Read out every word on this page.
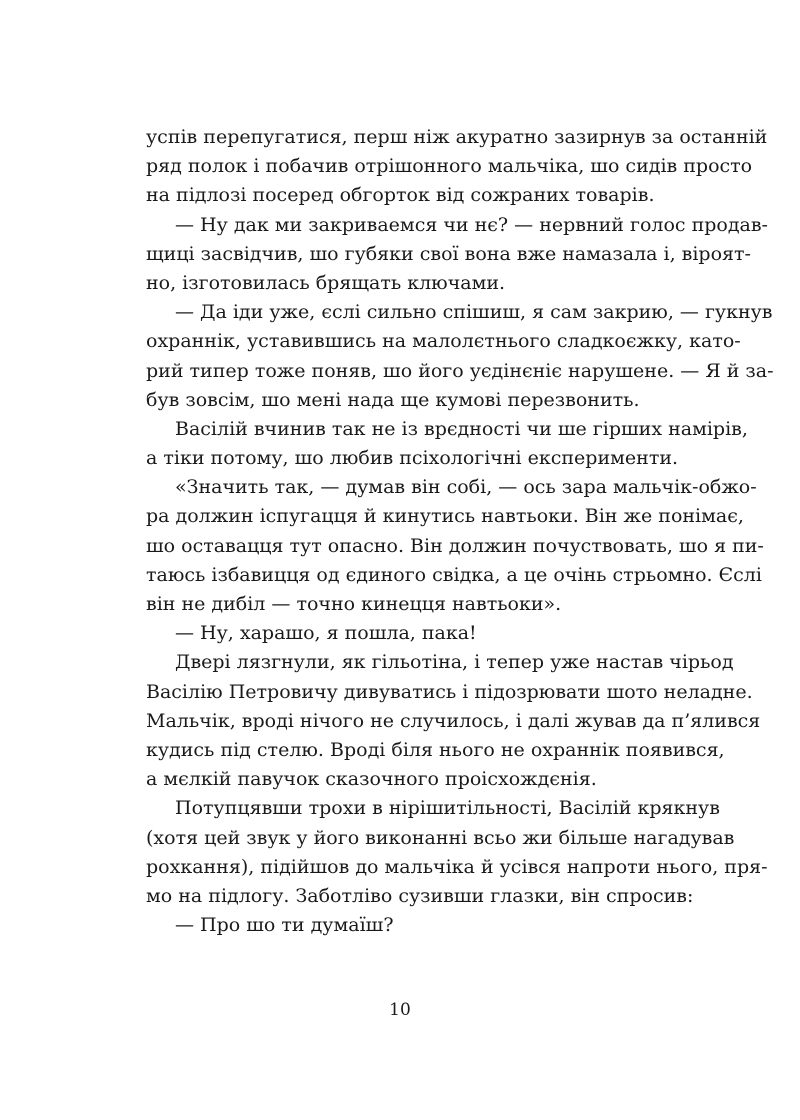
успів перепугатися, перш ніж акуратно зазирнув за останній
ряд полок і побачив отрішонного мальчіка, шо сидів просто
на підлозі посеред обгорток від сожраних товарів.
— Ну дак ми закриваемся чи нє? — нервний голос продав-
щиці засвідчив, шо губяки свої вона вже намазала і, віроят-
но, ізготовилась брящать ключами.
— Да іди уже, єслі сильно спішиш, я сам закрию, — гукнув
охраннік, уставившись на малолєтнього сладкоєжку, като-
рий типер тоже поняв, шо його уєдінєніє нарушене. — Я й за-
був зовсім, шо мені нада ще кумові перезвонить.
Васілій вчинив так не із врєдності чи ше гірших намірів,
а тіки потому, шо любив псіхологічні експерименти.
«Значить так, — думав він собі, — ось зара мальчік-обжо-
ра должин іспугацця й кинутись навтьоки. Він же понімає,
шо оставацця тут опасно. Він должин почуствовать, шо я пи-
таюсь ізбавицця од єдиного свідка, а це очінь стрьомно. Єслі
він не дибіл — точно кинецця навтьоки».
— Ну, харашо, я пошла, пака!
Двері лязгнули, як гільотіна, і тепер уже настав чірьод
Васілію Петровичу дивуватись і підозрювати шото неладне.
Мальчік, вроді нічого не случилось, і далі жував да п’ялився
кудись під стелю. Вроді біля нього не охраннік появився,
а мєлкій павучок сказочного проісхождєнія.
Потупцявши трохи в нірішитільності, Васілій крякнув
(хотя цей звук у його виконанні всьо жи більше нагадував
рохкання), підійшов до мальчіка й усівся напроти нього, пря-
мо на підлогу. Заботліво сузивши глазки, він спросив:
— Про шо ти думаїш?
10
